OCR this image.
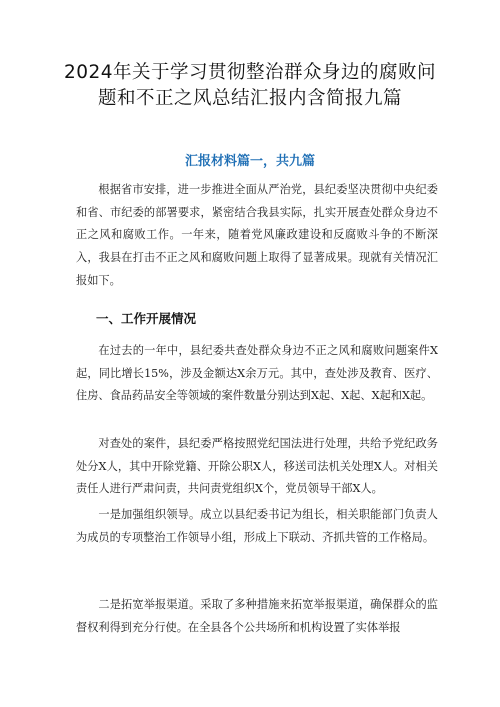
2024年关于学习贯彻整治群众身边的腐败问题和不正之风总结汇报内含简报九篇
汇报材料篇一，共九篇
根据省市安排，进一步推进全面从严治党，县纪委坚决贯彻中央纪委和省、市纪委的部署要求，紧密结合我县实际，扎实开展查处群众身边不正之风和腐败工作。一年来，随着党风廉政建设和反腐败斗争的不断深入，我县在打击不正之风和腐败问题上取得了显著成果。现就有关情况汇报如下。
一、工作开展情况
在过去的一年中，县纪委共查处群众身边不正之风和腐败问题案件X起，同比增长15%，涉及金额达X余万元。其中，查处涉及教育、医疗、住房、食品药品安全等领域的案件数量分别达到X起、X起、X起和X起。
对查处的案件，县纪委严格按照党纪国法进行处理，共给予党纪政务处分X人，其中开除党籍、开除公职X人，移送司法机关处理X人。对相关责任人进行严肃问责，共问责党组织X个，党员领导干部X人。
一是加强组织领导。成立以县纪委书记为组长，相关职能部门负责人为成员的专项整治工作领导小组，形成上下联动、齐抓共管的工作格局。
二是拓宽举报渠道。采取了多种措施来拓宽举报渠道，确保群众的监督权利得到充分行使。在全县各个公共场所和机构设置了实体举报
